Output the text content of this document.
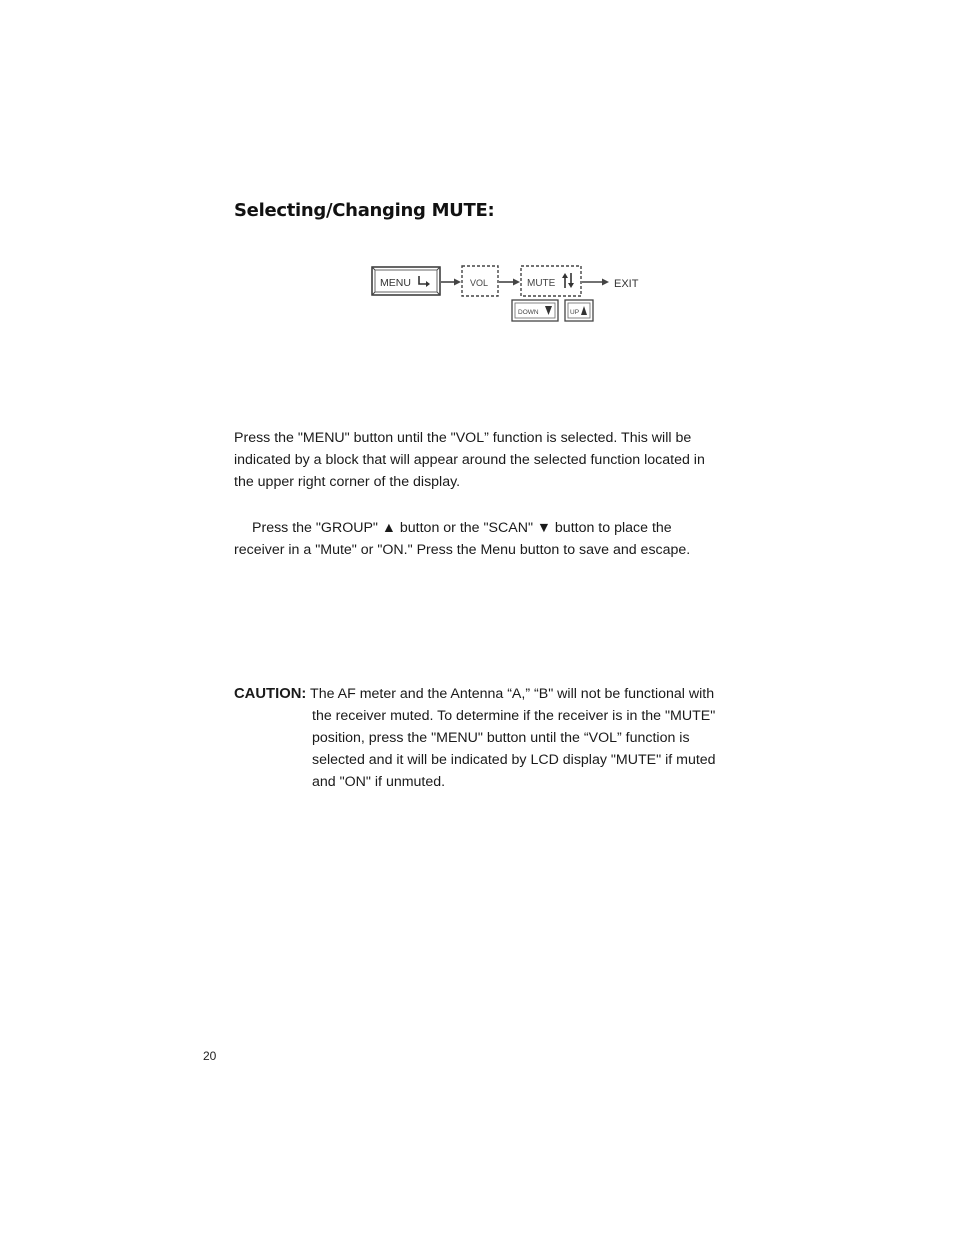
Selecting/Changing MUTE:
MENU	VOL	MUTE	EXIT
DOWN	UP
Press the "MENU" button until the "VOL” function is selected. This will be
indicated by a block that will appear around the selected function located in
the upper right corner of the display.
Press the "GROUP" ▲ button or the "SCAN" ▼ button to place the
receiver in a "Mute" or "ON." Press the Menu button to save and escape.
CAUTION: The AF meter and the Antenna “A,” “B" will not be functional with
the receiver muted. To determine if the receiver is in the "MUTE"
position, press the "MENU" button until the “VOL” function is
selected and it will be indicated by LCD display "MUTE" if muted
and "ON" if unmuted.
20
